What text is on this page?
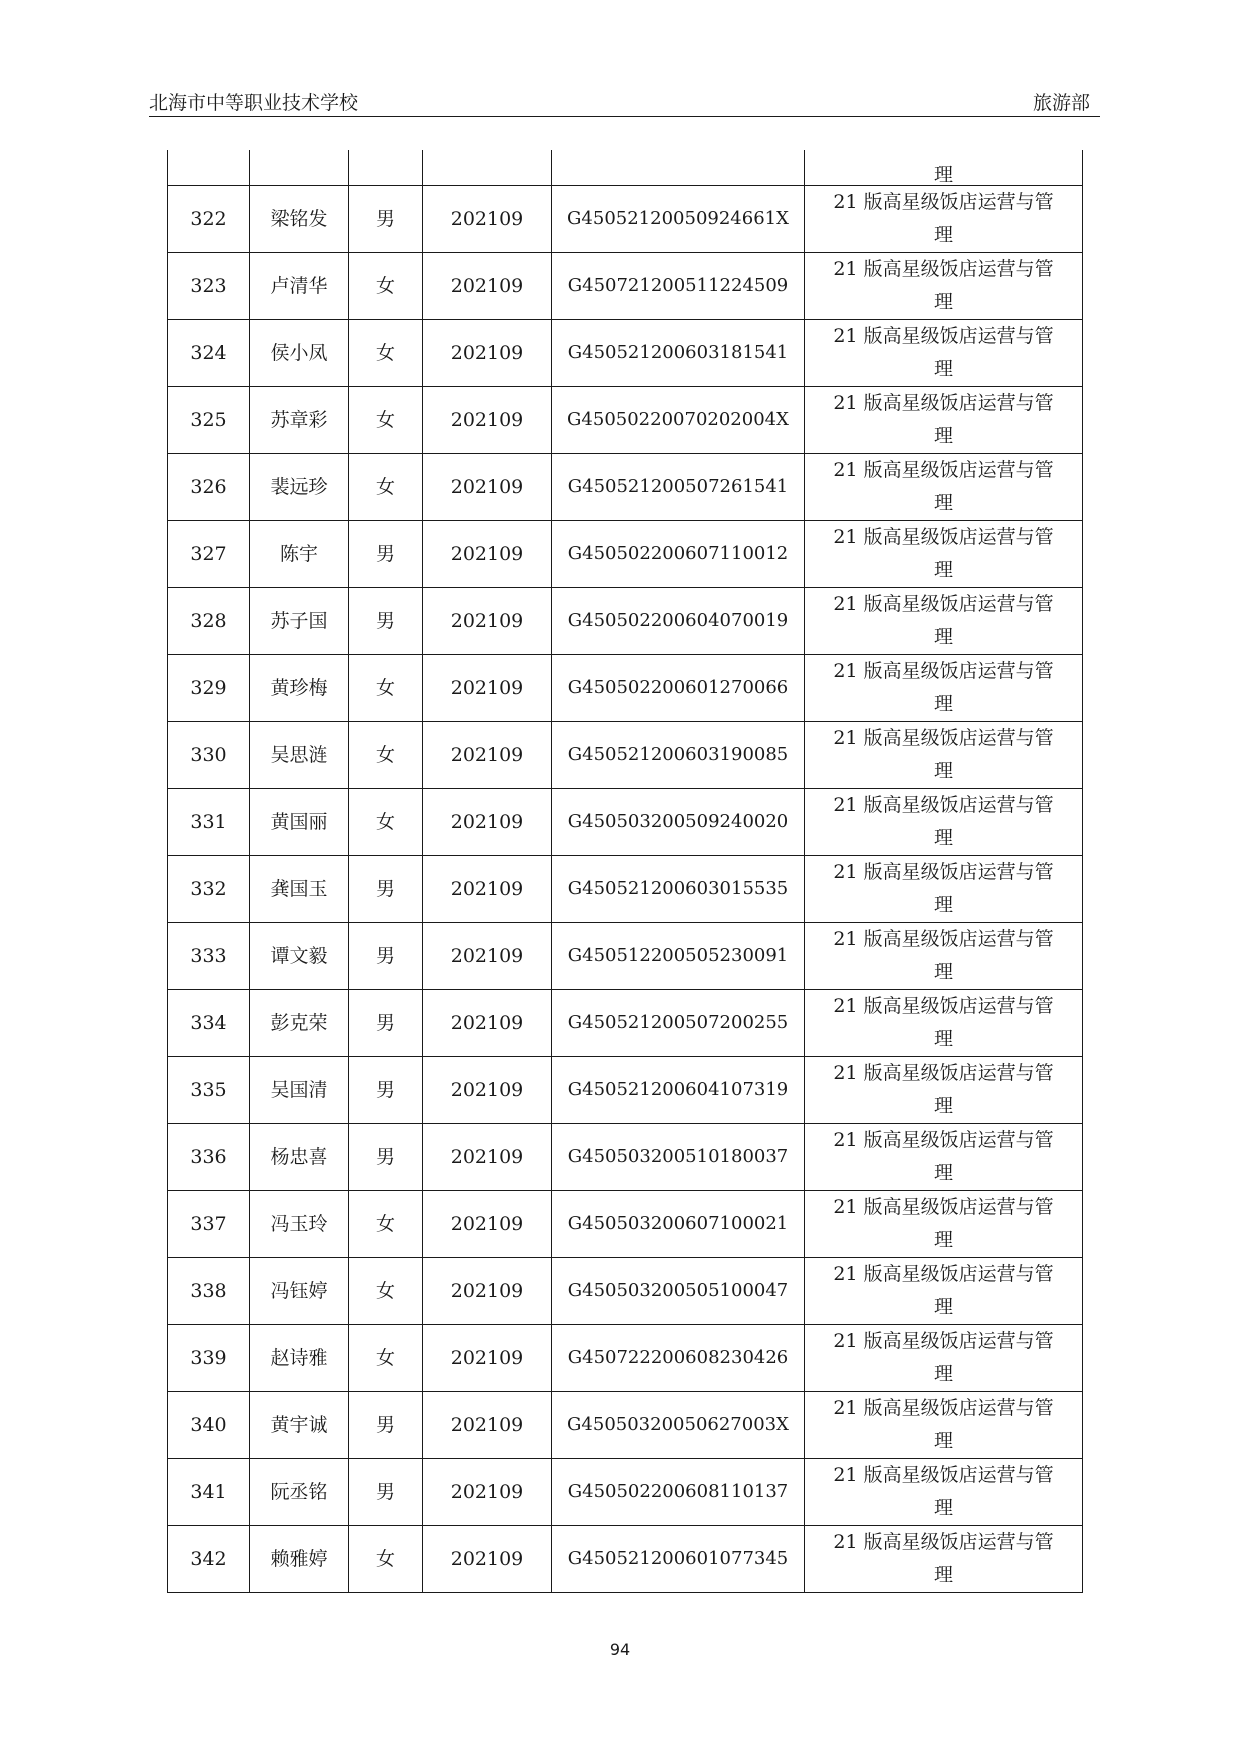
北海市中等职业技术学校	旅游部
					理
322	梁铭发	男	202109	G45052120050924661X	21 版高星级饭店运营与管
理

323	卢清华	女	202109	G450721200511224509	21 版高星级饭店运营与管
理

324	侯小凤	女	202109	G450521200603181541	21 版高星级饭店运营与管
理

325	苏章彩	女	202109	G45050220070202004X	21 版高星级饭店运营与管
理

326	裴远珍	女	202109	G450521200507261541	21 版高星级饭店运营与管
理

327	陈宇	男	202109	G450502200607110012	21 版高星级饭店运营与管
理

328	苏子国	男	202109	G450502200604070019	21 版高星级饭店运营与管
理

329	黄珍梅	女	202109	G450502200601270066	21 版高星级饭店运营与管
理

330	吴思涟	女	202109	G450521200603190085	21 版高星级饭店运营与管
理

331	黄国丽	女	202109	G450503200509240020	21 版高星级饭店运营与管
理

332	龚国玉	男	202109	G450521200603015535	21 版高星级饭店运营与管
理

333	谭文毅	男	202109	G450512200505230091	21 版高星级饭店运营与管
理

334	彭克荣	男	202109	G450521200507200255	21 版高星级饭店运营与管
理

335	吴国清	男	202109	G450521200604107319	21 版高星级饭店运营与管
理

336	杨忠喜	男	202109	G450503200510180037	21 版高星级饭店运营与管
理

337	冯玉玲	女	202109	G450503200607100021	21 版高星级饭店运营与管
理

338	冯钰婷	女	202109	G450503200505100047	21 版高星级饭店运营与管
理

339	赵诗雅	女	202109	G450722200608230426	21 版高星级饭店运营与管
理

340	黄宇诚	男	202109	G45050320050627003X	21 版高星级饭店运营与管
理

341	阮丞铭	男	202109	G450502200608110137	21 版高星级饭店运营与管
理

342	赖雅婷	女	202109	G450521200601077345	21 版高星级饭店运营与管
理
94
